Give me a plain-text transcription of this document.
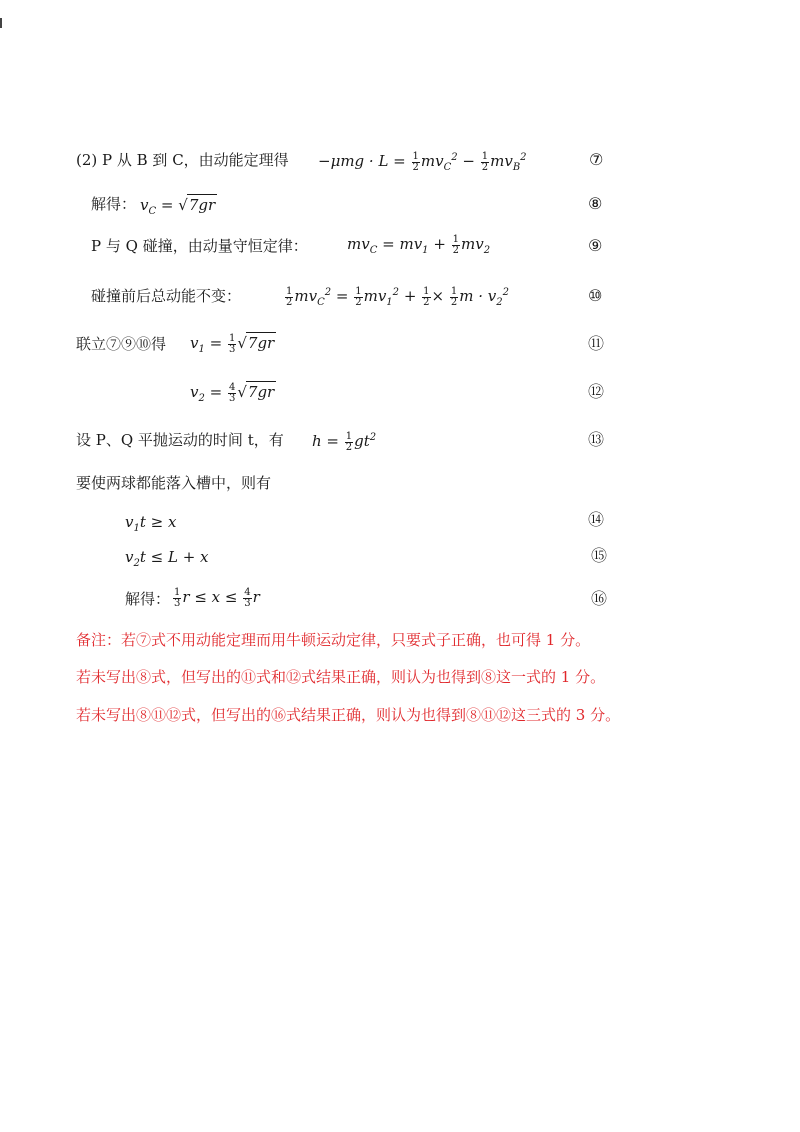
(2) P 从 B 到 C，由动能定理得 $-\mu mg \cdot L = \frac{1}{2} mv_C^2 - \frac{1}{2} mv_B^2$	⑦
解得： $v_C = √7gr$	⑧
P 与 Q 碰撞，由动量守恒定律：	$mv_C = mv_1 + \frac{1}{2} mv_2$	⑨
碰撞前后总动能不变：	$\frac{1}{2} mv_C^2 = \frac{1}{2} mv_1^2 + \frac{1}{2} \times \frac{1}{2}$ $m \cdot v_2^2$	⑩
联立⑦⑨⑩得 $v_1 = \frac{1}{3} √7gr$	⑪
$v_2 = \frac{4}{3} √7gr$	⑫
设 P、Q 平抛运动的时间 t，有 $h = \frac{1}{2} gt^2$	⑬
要使两球都能落入槽中，则有
$v_1t \ge x$	⑭
$v_2t \le L + x$	⑮
解得： $\frac{1}{3}$ $r \le x \le \frac{4}{3}$ r	⑯
备注：若⑦式不用动能定理而用牛顿运动定律，只要式子正确，也可得 1 分。
若未写出⑧式，但写出的⑪式和⑫式结果正确，则认为也得到⑧这一式的 1 分。
若未写出⑧⑪⑫式，但写出的⑯式结果正确，则认为也得到⑧⑪⑫这三式的 3 分。
